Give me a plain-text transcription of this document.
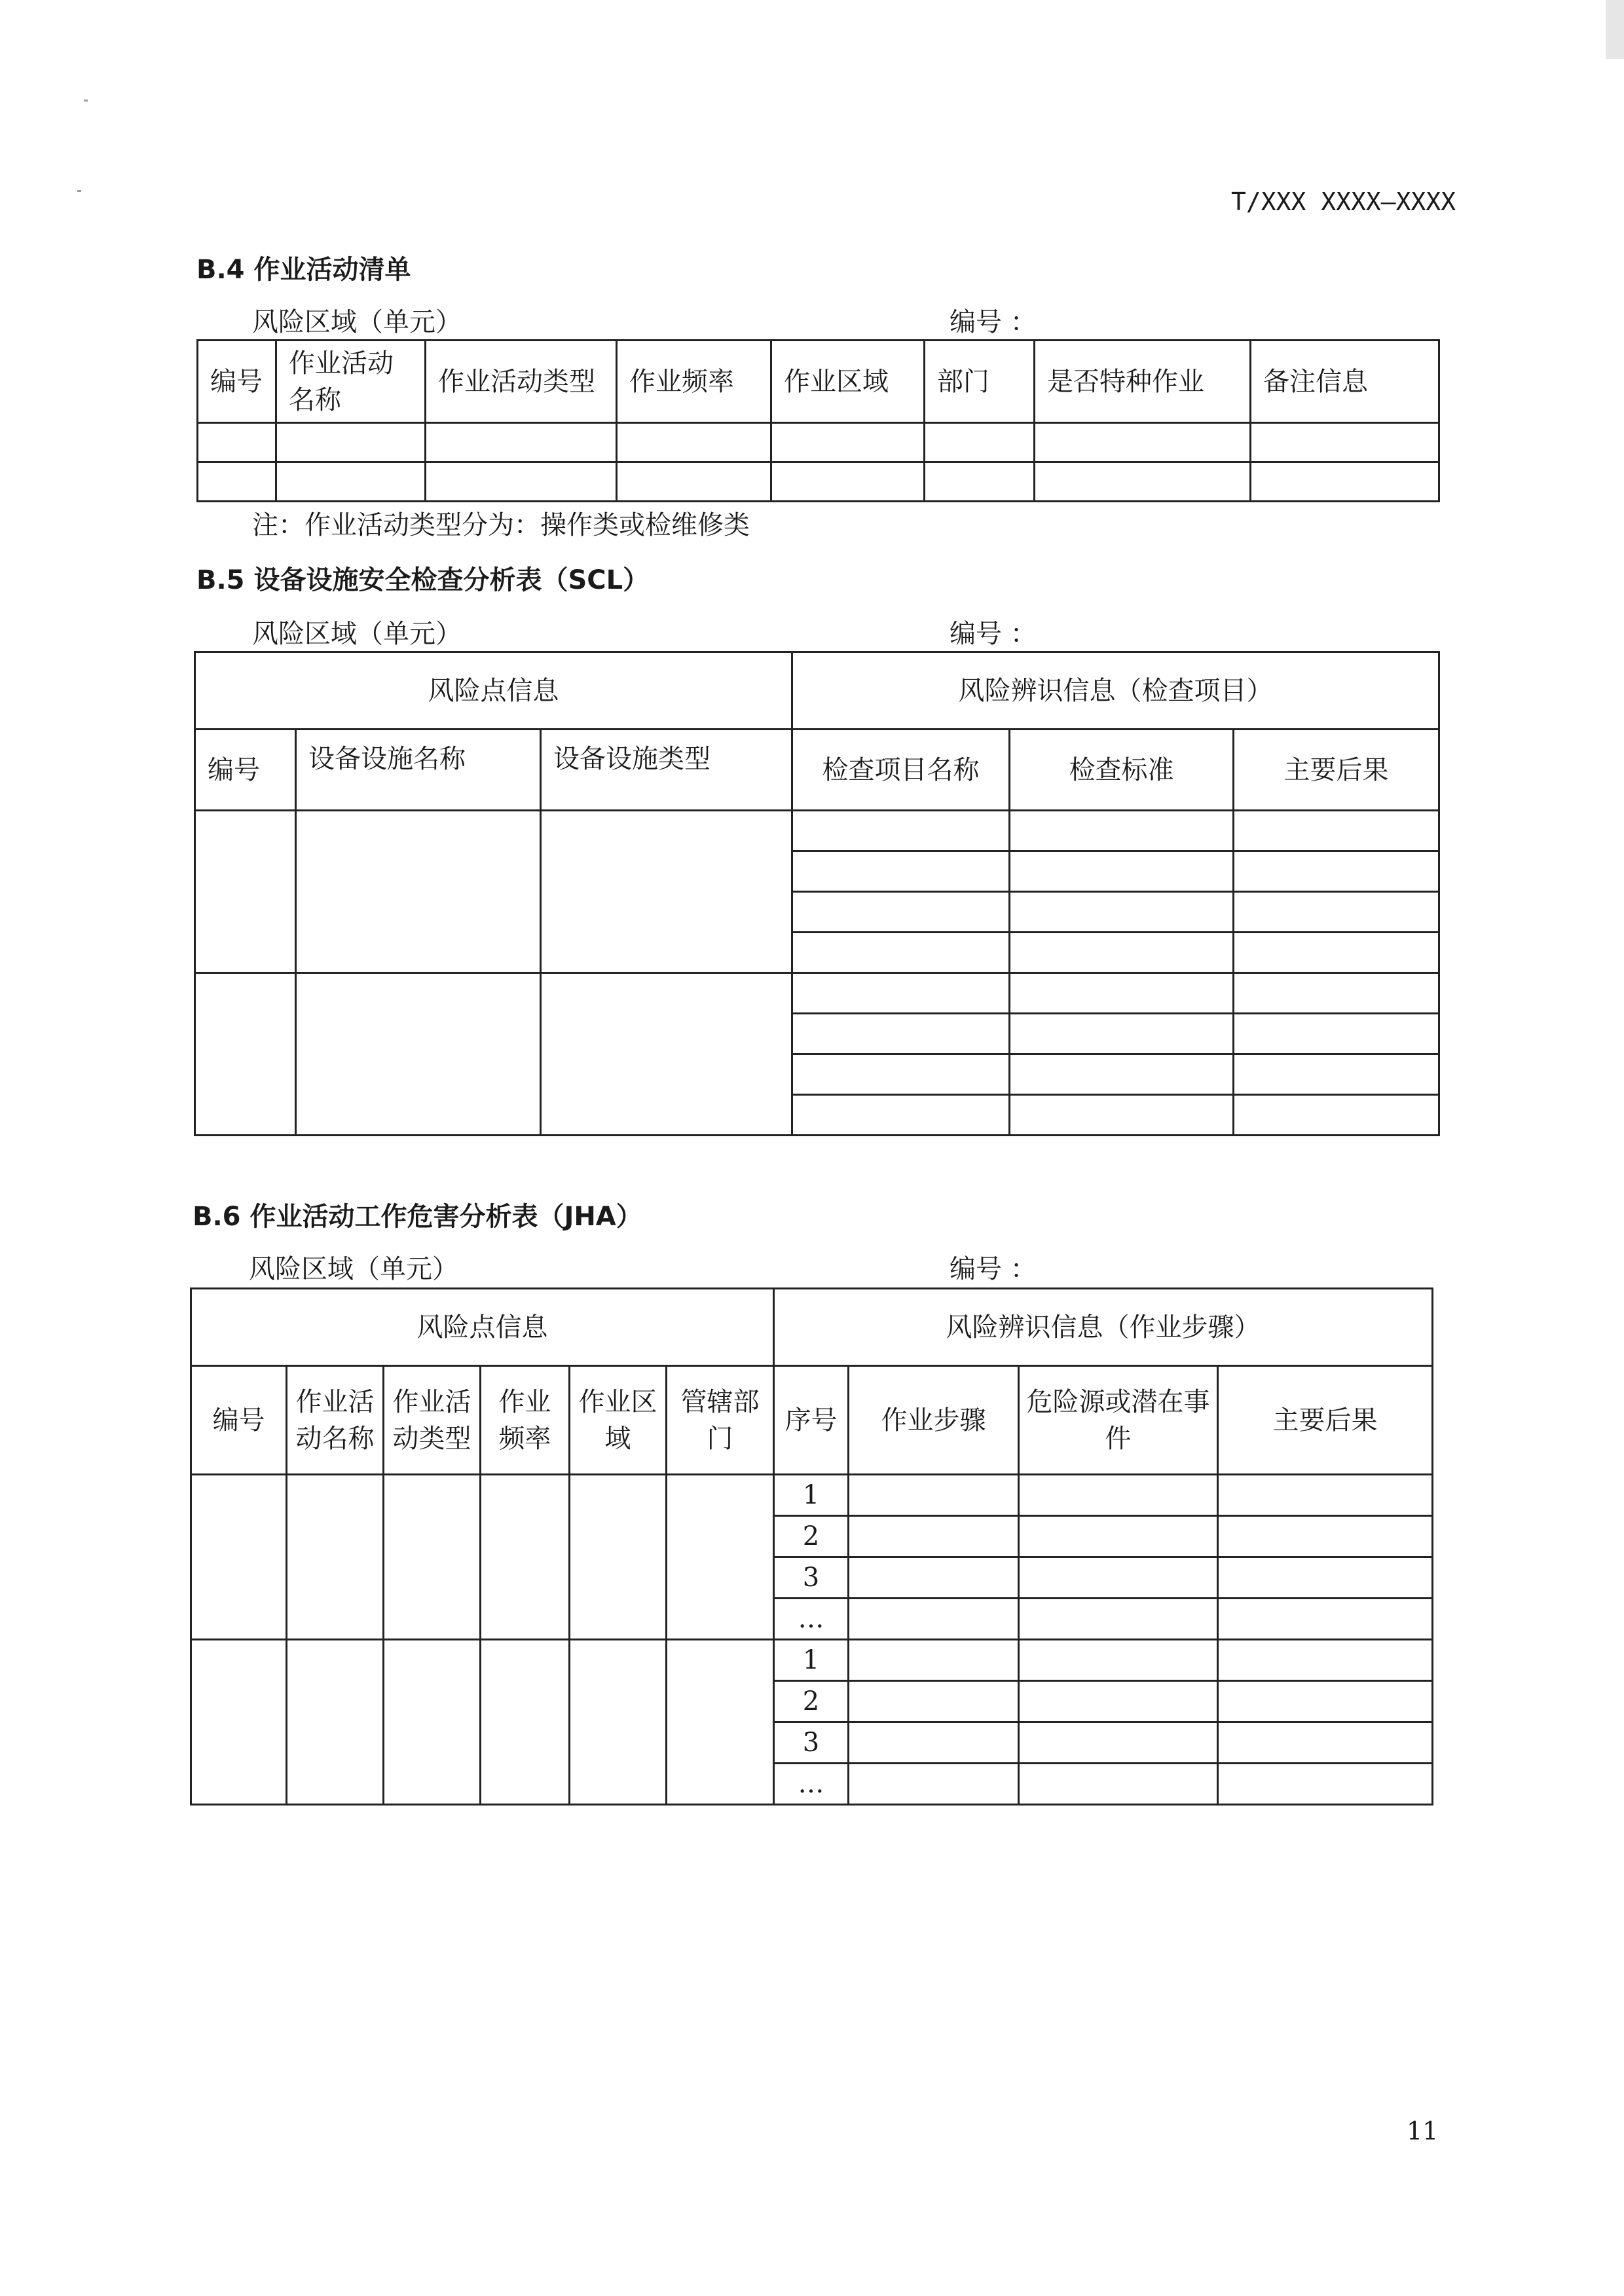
T/XXX XXXX—XXXX
B.4 作业活动清单
风险区域（单元）	编号 ：
编号	作业活动名称	作业活动类型	作业频率	作业区域	部门	是否特种作业	备注信息

注：作业活动类型分为：操作类或检维修类
B.5 设备设施安全检查分析表（SCL）
风险区域（单元）	编号 ：
风险点信息			风险辨识信息（检查项目）		
编号	设备设施名称	设备设施类型	检查项目名称	检查标准	主要后果

B.6 作业活动工作危害分析表（JHA）
风险区域（单元）	编号 ：
风险点信息						风险辨识信息（作业步骤）			
编号	作业活动名称	作业活动类型	作业频率	作业区域	管辖部门	序号	作业步骤	危险源或潜在事件	主要后果
						1			
						2			
						3			
						…			
						1			
						2			
						3			
						…			
11
